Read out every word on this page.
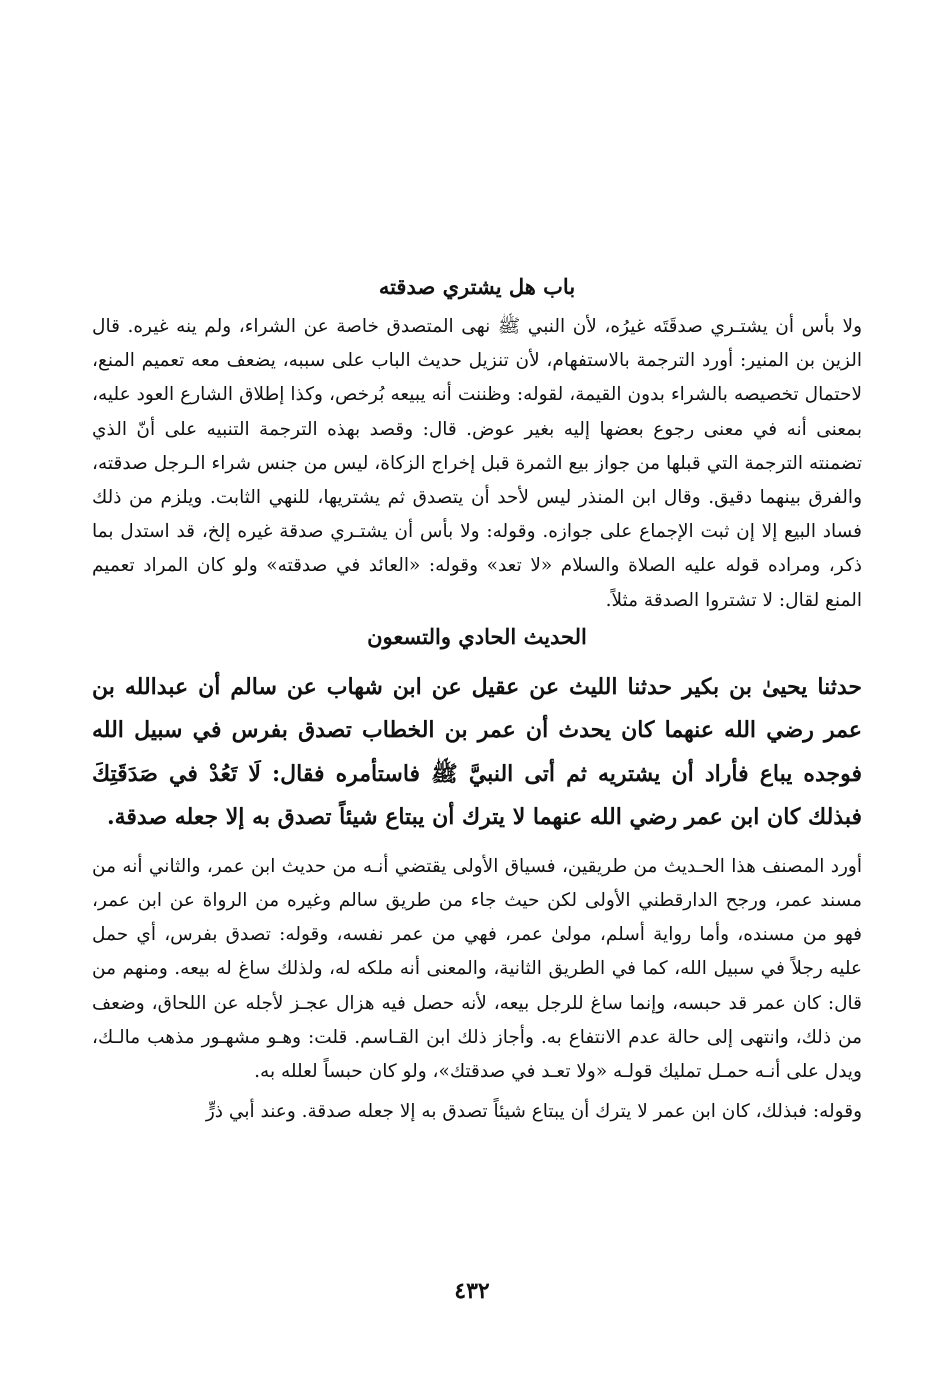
باب هل يشتري صدقته

ولا بأس أن يشتـري صدقَتَه غيرُه، لأن النبي ﷺ نهى المتصدق خاصة عن الشراء، ولم ينه غيره. قال الزين بن المنير: أورد الترجمة بالاستفهام، لأن تنزيل حديث الباب على سببه، يضعف معه تعميم المنع، لاحتمال تخصيصه بالشراء بدون القيمة، لقوله: وظننت أنه يبيعه بُرخص، وكذا إطلاق الشارع العود عليه، بمعنى أنه في معنى رجوع بعضها إليه بغير عوض. قال: وقصد بهذه الترجمة التنبيه على أنّ الذي تضمنته الترجمة التي قبلها من جواز بيع الثمرة قبل إخراج الزكاة، ليس من جنس شراء الـرجل صدقته، والفرق بينهما دقيق. وقال ابن المنذر ليس لأحد أن يتصدق ثم يشتريها، للنهي الثابت. ويلزم من ذلك فساد البيع إلا إن ثبت الإجماع على جوازه. وقوله: ولا بأس أن يشتـري صدقة غيره إلخ، قد استدل بما ذكر، ومراده قوله عليه الصلاة والسلام «لا تعد» وقوله: «العائد في صدقته» ولو كان المراد تعميم المنع لقال: لا تشتروا الصدقة مثلاً.

الحديث الحادي والتسعون

حدثنا يحيىٰ بن بكير حدثنا الليث عن عقيل عن ابن شهاب عن سالم أن عبدالله بن عمر رضي الله عنهما كان يحدث أن عمر بن الخطاب تصدق بفرس في سبيل الله فوجده يباع فأراد أن يشتريه ثم أتى النبيَّ ﷺ فاستأمره فقال: لَا تَعُدْ في صَدَقَتِكَ فبذلك كان ابن عمر رضي الله عنهما لا يترك أن يبتاع شيئاً تصدق به إلا جعله صدقة.

أورد المصنف هذا الحـديث من طريقين، فسياق الأولى يقتضي أنـه من حديث ابن عمر، والثاني أنه من مسند عمر، ورجح الدارقطني الأولى لكن حيث جاء من طريق سالم وغيره من الرواة عن ابن عمر، فهو من مسنده، وأما رواية أسلم، مولىٰ عمر، فهي من عمر نفسه، وقوله: تصدق بفرس، أي حمل عليه رجلاً في سبيل الله، كما في الطريق الثانية، والمعنى أنه ملكه له، ولذلك ساغ له بيعه. ومنهم من قال: كان عمر قد حبسه، وإنما ساغ للرجل بيعه، لأنه حصل فيه هزال عجـز لأجله عن اللحاق، وضعف من ذلك، وانتهى إلى حالة عدم الانتفاع به. وأجاز ذلك ابن القـاسم. قلت: وهـو مشهـور مذهب مالـك، ويدل على أنـه حمـل تمليك قولـه «ولا تعـد في صدقتك»، ولو كان حبساً لعلله به.

وقوله: فبذلك، كان ابن عمر لا يترك أن يبتاع شيئاً تصدق به إلا جعله صدقة. وعند أبي ذرٍّ

٤٣٢
